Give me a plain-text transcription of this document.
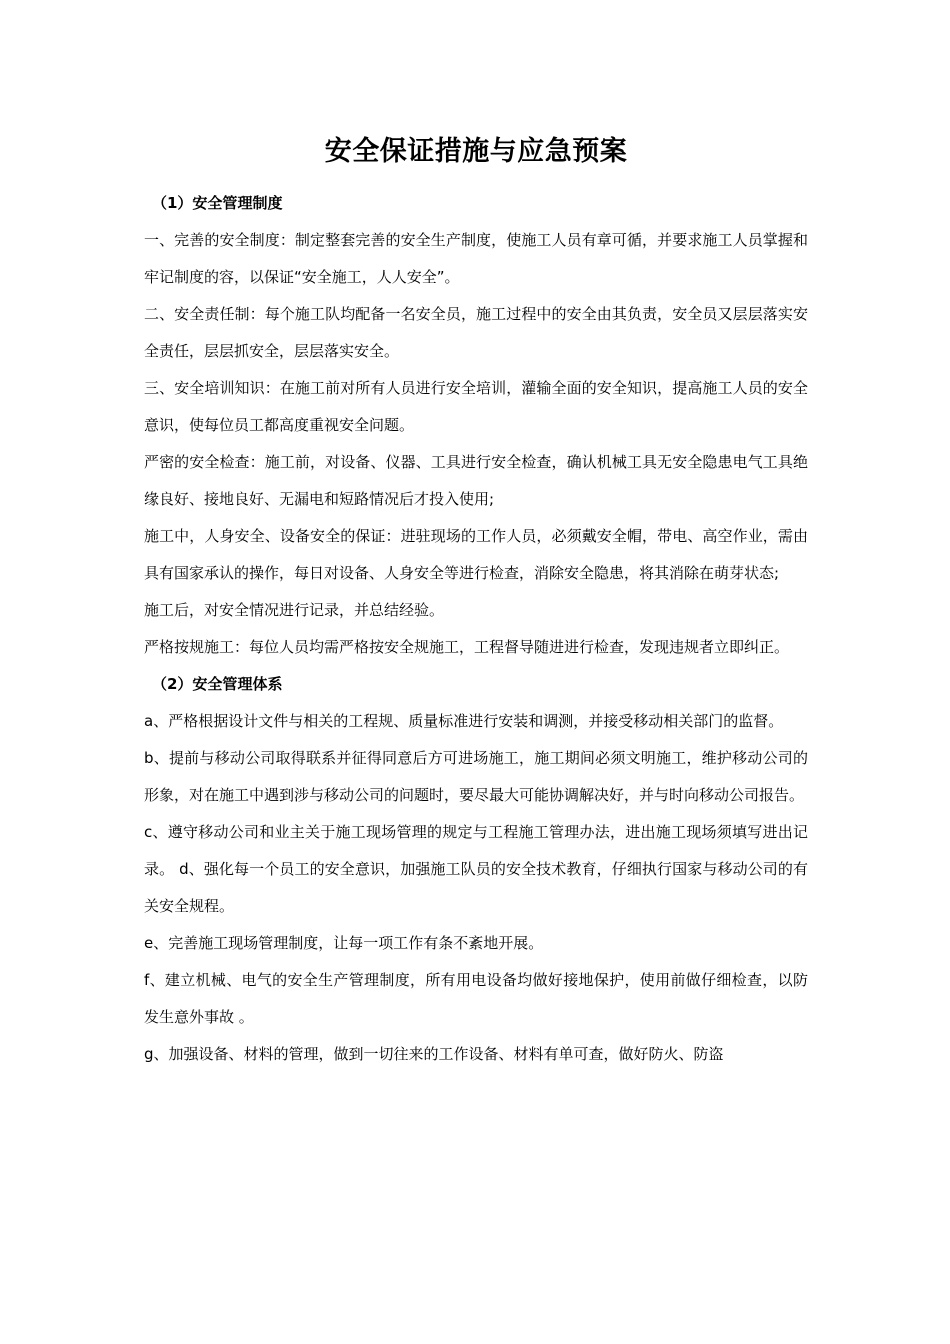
安全保证措施与应急预案

（1）安全管理制度

一、完善的安全制度：制定整套完善的安全生产制度，使施工人员有章可循，并要求施工人员掌握和牢记制度的容，以保证“安全施工，人人安全”。

二、安全责任制：每个施工队均配备一名安全员，施工过程中的安全由其负责，安全员又层层落实安全责任，层层抓安全，层层落实安全。

三、安全培训知识：在施工前对所有人员进行安全培训，灌输全面的安全知识，提高施工人员的安全意识，使每位员工都高度重视安全问题。

严密的安全检查：施工前，对设备、仪器、工具进行安全检查，确认机械工具无安全隐患电气工具绝缘良好、接地良好、无漏电和短路情况后才投入使用;

施工中，人身安全、设备安全的保证：进驻现场的工作人员，必须戴安全帽，带电、高空作业，需由具有国家承认的操作，每日对设备、人身安全等进行检查，消除安全隐患，将其消除在萌芽状态;

施工后，对安全情况进行记录，并总结经验。

严格按规施工：每位人员均需严格按安全规施工，工程督导随进进行检查，发现违规者立即纠正。

（2）安全管理体系

a、严格根据设计文件与相关的工程规、质量标准进行安装和调测，并接受移动相关部门的监督。

b、提前与移动公司取得联系并征得同意后方可进场施工，施工期间必须文明施工，维护移动公司的形象，对在施工中遇到涉与移动公司的问题时，要尽最大可能协调解决好，并与时向移动公司报告。

c、遵守移动公司和业主关于施工现场管理的规定与工程施工管理办法，进出施工现场须填写进出记录。 d、强化每一个员工的安全意识，加强施工队员的安全技术教育，仔细执行国家与移动公司的有关安全规程。

e、完善施工现场管理制度，让每一项工作有条不紊地开展。

f、建立机械、电气的安全生产管理制度，所有用电设备均做好接地保护，使用前做仔细检查，以防发生意外事故 。

g、加强设备、材料的管理，做到一切往来的工作设备、材料有单可查，做好防火、防盗
